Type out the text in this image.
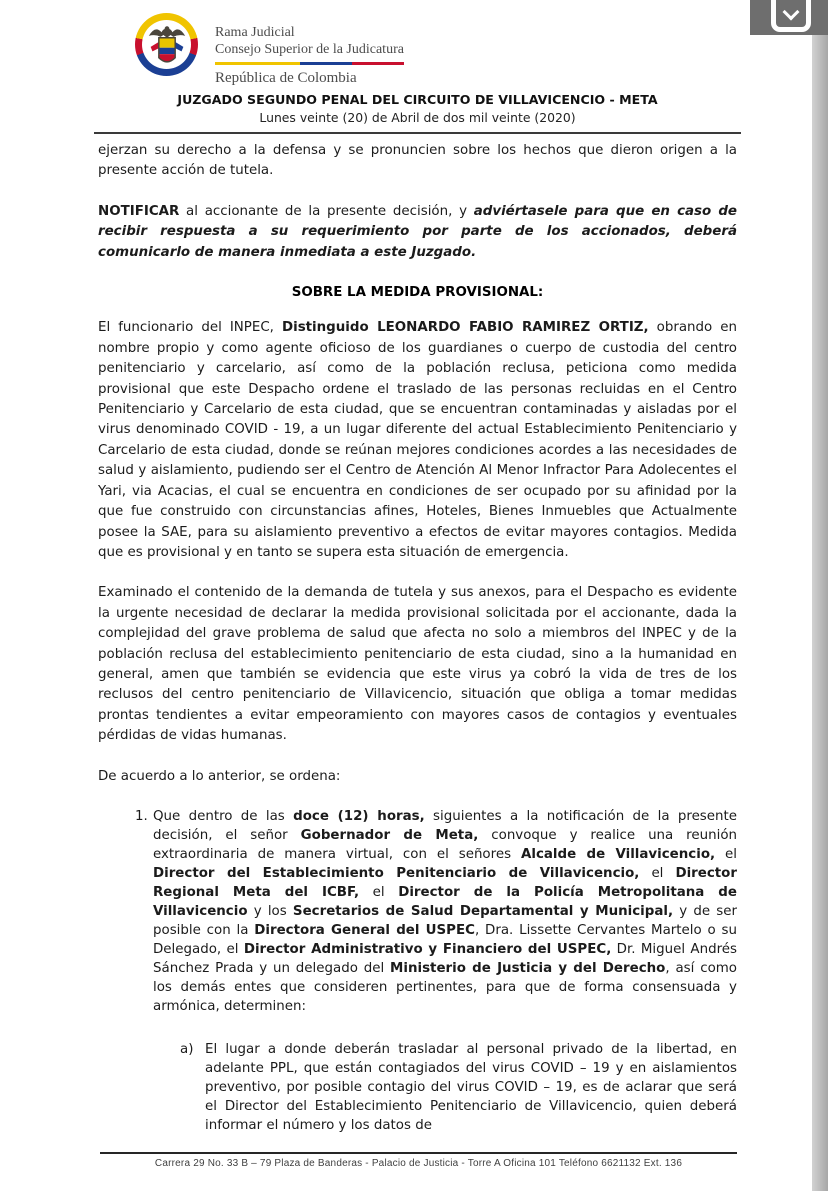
Rama Judicial
Consejo Superior de la Judicatura
República de Colombia
JUZGADO SEGUNDO PENAL DEL CIRCUITO DE VILLAVICENCIO - META
Lunes veinte (20) de Abril de dos mil veinte (2020)

ejerzan su derecho a la defensa y se pronuncien sobre los hechos que dieron origen a la presente acción de tutela.

NOTIFICAR al accionante de la presente decisión, y adviértasele para que en caso de recibir respuesta a su requerimiento por parte de los accionados, deberá comunicarlo de manera inmediata a este Juzgado.

SOBRE LA MEDIDA PROVISIONAL:

El funcionario del INPEC, Distinguido LEONARDO FABIO RAMIREZ ORTIZ, obrando en nombre propio y como agente oficioso de los guardianes o cuerpo de custodia del centro penitenciario y carcelario, así como de la población reclusa, peticiona como medida provisional que este Despacho ordene el traslado de las personas recluidas en el Centro Penitenciario y Carcelario de esta ciudad, que se encuentran contaminadas y aisladas por el virus denominado COVID - 19, a un lugar diferente del actual Establecimiento Penitenciario y Carcelario de esta ciudad, donde se reúnan mejores condiciones acordes a las necesidades de salud y aislamiento, pudiendo ser el Centro de Atención Al Menor Infractor Para Adolecentes el Yari, via Acacias, el cual se encuentra en condiciones de ser ocupado por su afinidad por la que fue construido con circunstancias afines, Hoteles, Bienes Inmuebles que Actualmente posee la SAE, para su aislamiento preventivo a efectos de evitar mayores contagios. Medida que es provisional y en tanto se supera esta situación de emergencia.

Examinado el contenido de la demanda de tutela y sus anexos, para el Despacho es evidente la urgente necesidad de declarar la medida provisional solicitada por el accionante, dada la complejidad del grave problema de salud que afecta no solo a miembros del INPEC y de la población reclusa del establecimiento penitenciario de esta ciudad, sino a la humanidad en general, amen que también se evidencia que este virus ya cobró la vida de tres de los reclusos del centro penitenciario de Villavicencio, situación que obliga a tomar medidas prontas tendientes a evitar empeoramiento con mayores casos de contagios y eventuales pérdidas de vidas humanas.

De acuerdo a lo anterior, se ordena:

1. Que dentro de las doce (12) horas, siguientes a la notificación de la presente decisión, el señor Gobernador de Meta, convoque y realice una reunión extraordinaria de manera virtual, con el señores Alcalde de Villavicencio, el Director del Establecimiento Penitenciario de Villavicencio, el Director Regional Meta del ICBF, el Director de la Policía Metropolitana de Villavicencio y los Secretarios de Salud Departamental y Municipal, y de ser posible con la Directora General del USPEC, Dra. Lissette Cervantes Martelo o su Delegado, el Director Administrativo y Financiero del USPEC, Dr. Miguel Andrés Sánchez Prada y un delegado del Ministerio de Justicia y del Derecho, así como los demás entes que consideren pertinentes, para que de forma consensuada y armónica, determinen:
a) El lugar a donde deberán trasladar al personal privado de la libertad, en adelante PPL, que están contagiados del virus COVID – 19 y en aislamientos preventivo, por posible contagio del virus COVID – 19, es de aclarar que será el Director del Establecimiento Penitenciario de Villavicencio, quien deberá informar el número y los datos de
Carrera 29 No. 33 B – 79 Plaza de Banderas - Palacio de Justicia - Torre A Oficina 101 Teléfono 6621132 Ext. 136
